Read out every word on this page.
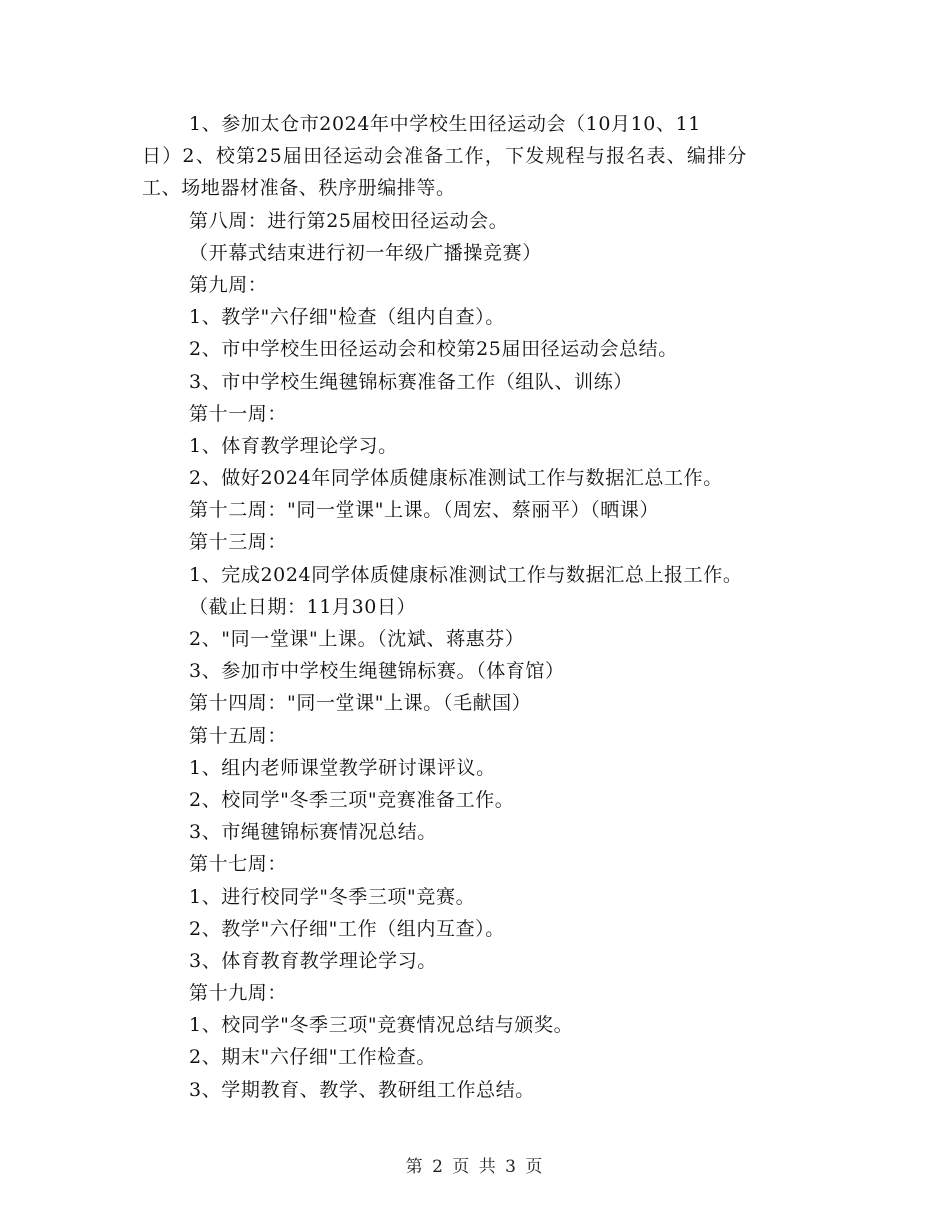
1、参加太仓市2024年中学校生田径运动会（10月10、11
日）2、校第25届田径运动会准备工作，下发规程与报名表、编排分
工、场地器材准备、秩序册编排等。
第八周：进行第25届校田径运动会。
（开幕式结束进行初一年级广播操竞赛）
第九周：
1、教学"六仔细"检查（组内自查）。
2、市中学校生田径运动会和校第25届田径运动会总结。
3、市中学校生绳毽锦标赛准备工作（组队、训练）
第十一周：
1、体育教学理论学习。
2、做好2024年同学体质健康标准测试工作与数据汇总工作。
第十二周："同一堂课"上课。（周宏、蔡丽平）（晒课）
第十三周：
1、完成2024同学体质健康标准测试工作与数据汇总上报工作。
（截止日期：11月30日）
2、"同一堂课"上课。（沈斌、蒋惠芬）
3、参加市中学校生绳毽锦标赛。（体育馆）
第十四周："同一堂课"上课。（毛献国）
第十五周：
1、组内老师课堂教学研讨课评议。
2、校同学"冬季三项"竞赛准备工作。
3、市绳毽锦标赛情况总结。
第十七周：
1、进行校同学"冬季三项"竞赛。
2、教学"六仔细"工作（组内互查）。
3、体育教育教学理论学习。
第十九周：
1、校同学"冬季三项"竞赛情况总结与颁奖。
2、期末"六仔细"工作检查。
3、学期教育、教学、教研组工作总结。
第 2 页 共 3 页
